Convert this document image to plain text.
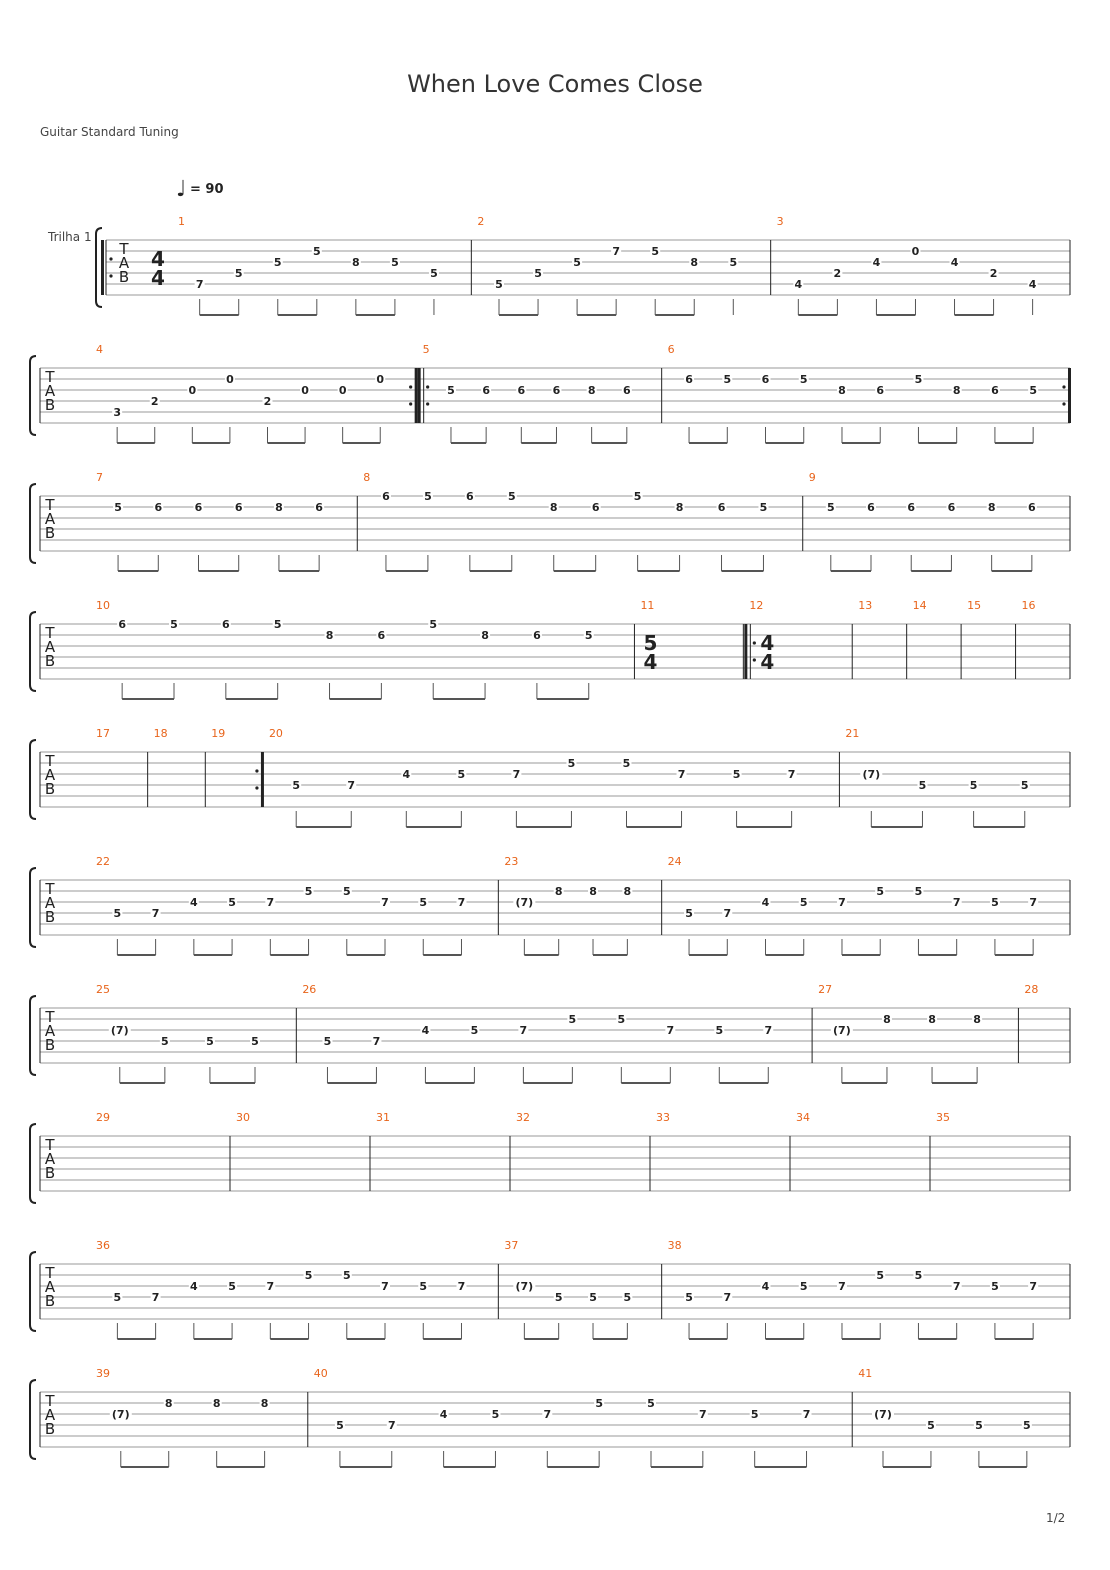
When Love Comes Close
Guitar Standard Tuning
♩ = 90
Trilha 1
T
A
B
4
4
1
7
5
5
5
8	5
5
2
5
5
5
7	5
8	5
3
4
2
4
0
4
2
4
T
A
B
4
3
2
0
0
2
0	0
0
5
5	6	6	6	8	6
6
6	5	6	5
8	6
5
8	6	5
T
A
B
7
5	6	6	6	8	6
8
6	5	6	5
8	6
5
8	6	5
9
5	6	6	6	8	6
T
A
B
10
6	5	6	5
8	6
5
8	6	5
11
5
4
12
4
4
13	14	15	16
T
A
B
17	18	19	20
5	7
4	5	7
5	5
7	5	7
21
(7)
5	5	5
T
A
B
22
5	7
4	5	7
5	5
7	5	7
23
(7)
8 8 8
24
5	7
4	5	7
5	5
7	5	7
T
A
B
25
(7)
5	5	5
26
5	7
4	5	7
5	5
7	5	7
27
(7)
8	8	8
28
T
A
B
29	30	31	32	33	34	35
T
A
B
36
5	7
4	5	7
5	5
7	5	7
37
(7)
5 5 5
38
5	7
4	5	7
5	5
7	5	7
T
A
B
39
(7)
8	8	8
40
5	7
4	5	7
5	5
7	5	7
41
(7)
5	5	5
1/2
